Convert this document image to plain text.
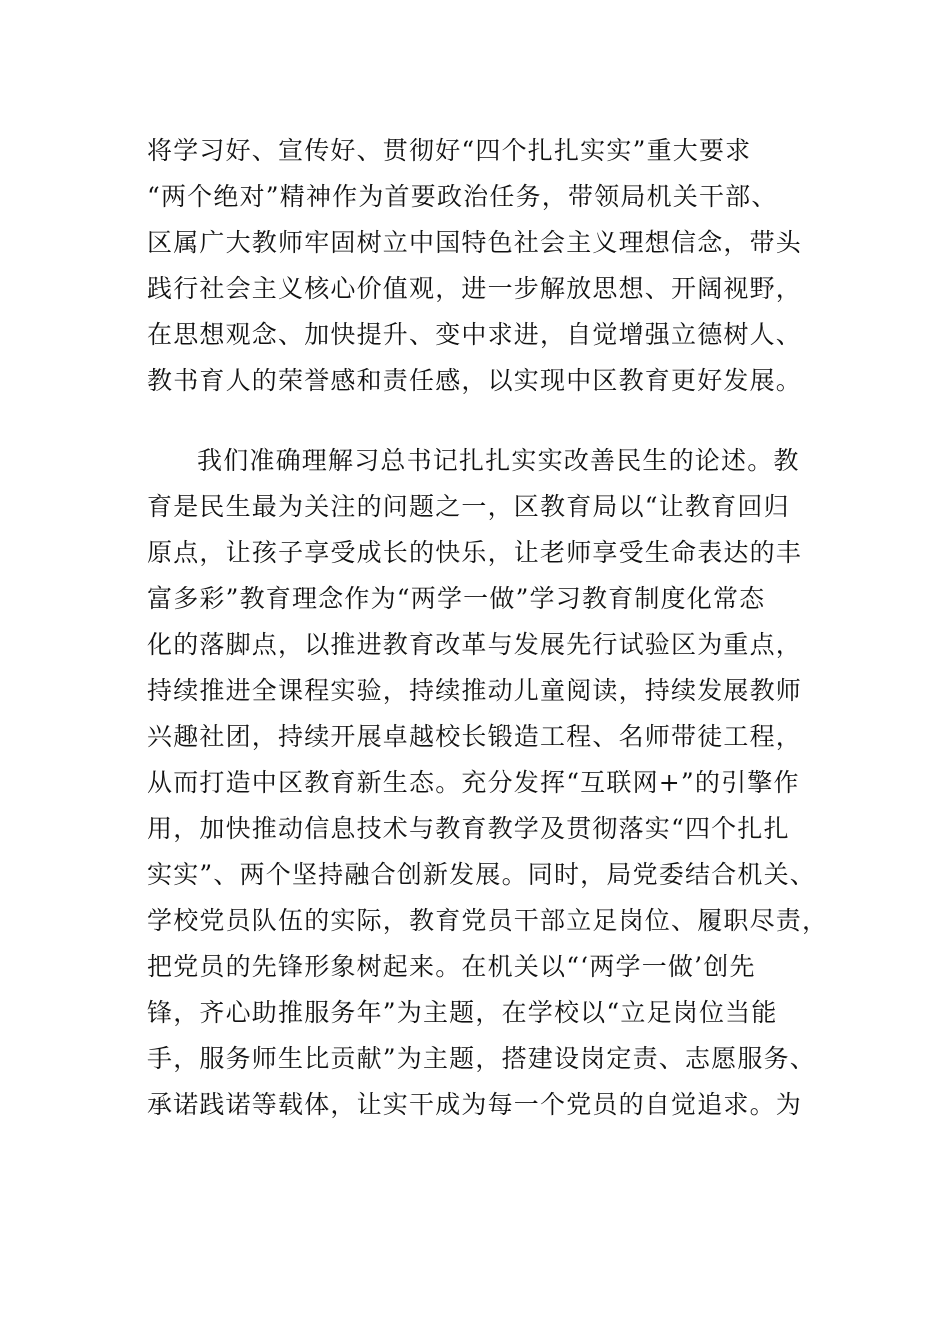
将学习好、宣传好、贯彻好“四个扎扎实实”重大要求
“两个绝对”精神作为首要政治任务，带领局机关干部、
区属广大教师牢固树立中国特色社会主义理想信念，带头
践行社会主义核心价值观，进一步解放思想、开阔视野，
在思想观念、加快提升、变中求进，自觉增强立德树人、
教书育人的荣誉感和责任感，以实现中区教育更好发展。
我们准确理解习总书记扎扎实实改善民生的论述。教
育是民生最为关注的问题之一，区教育局以“让教育回归
原点，让孩子享受成长的快乐，让老师享受生命表达的丰
富多彩”教育理念作为“两学一做”学习教育制度化常态
化的落脚点，以推进教育改革与发展先行试验区为重点，
持续推进全课程实验，持续推动儿童阅读，持续发展教师
兴趣社团，持续开展卓越校长锻造工程、名师带徒工程，
从而打造中区教育新生态。充分发挥“互联网+”的引擎作
用，加快推动信息技术与教育教学及贯彻落实“四个扎扎
实实”、两个坚持融合创新发展。同时，局党委结合机关、
学校党员队伍的实际，教育党员干部立足岗位、履职尽责，
把党员的先锋形象树起来。在机关以“‘两学一做’创先
锋，齐心助推服务年”为主题，在学校以“立足岗位当能
手，服务师生比贡献”为主题，搭建设岗定责、志愿服务、
承诺践诺等载体，让实干成为每一个党员的自觉追求。为
